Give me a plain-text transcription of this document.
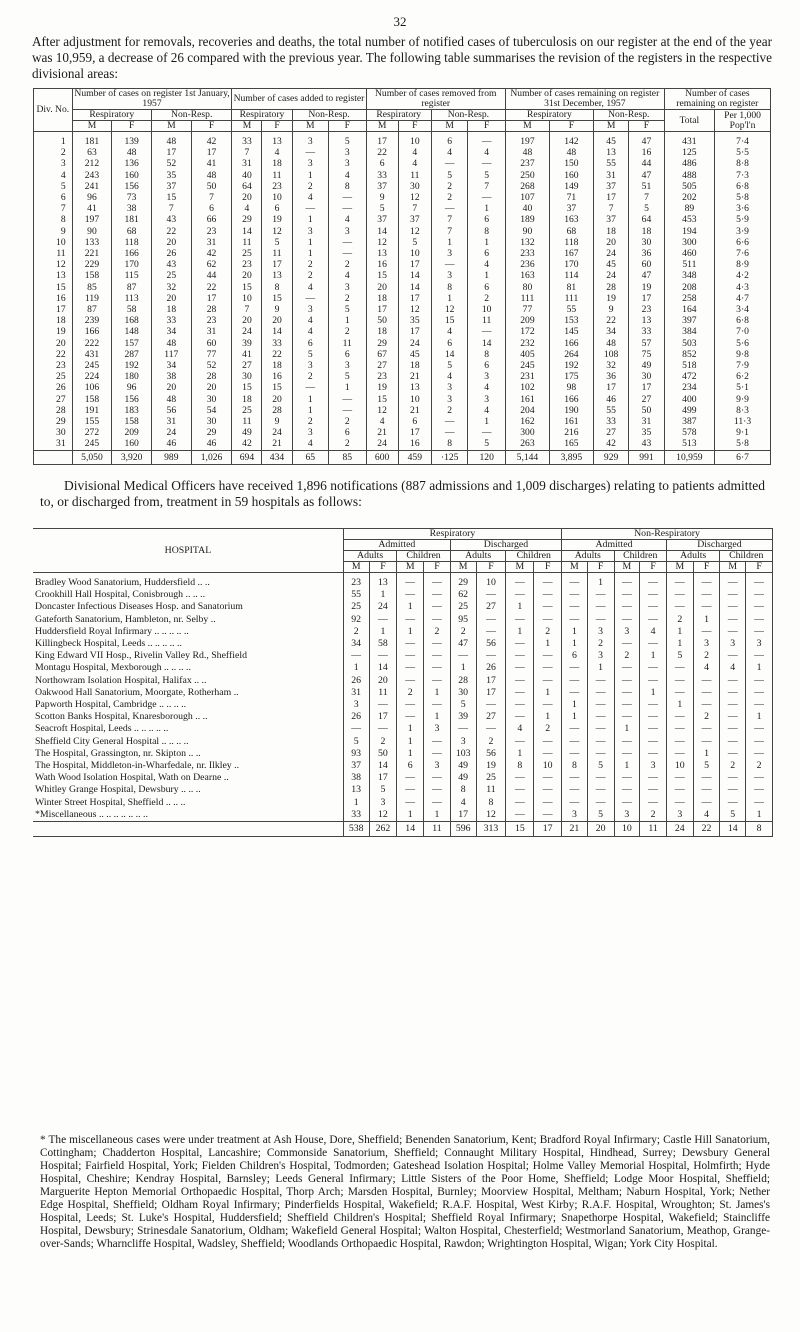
32
After adjustment for removals, recoveries and deaths, the total number of notified cases of tuberculosis on our register at the end of the year was 10,959, a decrease of 26 compared with the previous year. The following table summarises the revision of the registers in the respective divisional areas:
Div. No.	Number of cases on register 1st January, 1957				Number of cases added to register				Number of cases removed from register				Number of cases remaining on register 31st December, 1957				Number of cases remaining on register	
	Respiratory		Non-Resp.		Respiratory		Non-Resp.		Respiratory		Non-Resp.		Respiratory		Non-Resp.		Total	Per 1,000 Pop'l'n
	M	F	M	F	M	F	M	F	M	F	M	F	M	F	M	F		
1	181	139	48	42	33	13	3	5	17	10	6	—	197	142	45	47	431	7·4
2	63	48	17	17	7	4	—	3	22	4	4	4	48	48	13	16	125	5·5
3	212	136	52	41	31	18	3	3	6	4	—	—	237	150	55	44	486	8·8
4	243	160	35	48	40	11	1	4	33	11	5	5	250	160	31	47	488	7·3
5	241	156	37	50	64	23	2	8	37	30	2	7	268	149	37	51	505	6·8
6	96	73	15	7	20	10	4	—	9	12	2	—	107	71	17	7	202	5·8
7	41	38	7	6	4	6	—	—	5	7	—	1	40	37	7	5	89	3·6
8	197	181	43	66	29	19	1	4	37	37	7	6	189	163	37	64	453	5·9
9	90	68	22	23	14	12	3	3	14	12	7	8	90	68	18	18	194	3·9
10	133	118	20	31	11	5	1	—	12	5	1	1	132	118	20	30	300	6·6
11	221	166	26	42	25	11	1	—	13	10	3	6	233	167	24	36	460	7·6
12	229	170	43	62	23	17	2	2	16	17	—	4	236	170	45	60	511	8·9
13	158	115	25	44	20	13	2	4	15	14	3	1	163	114	24	47	348	4·2
15	85	87	32	22	15	8	4	3	20	14	8	6	80	81	28	19	208	4·3
16	119	113	20	17	10	15	—	2	18	17	1	2	111	111	19	17	258	4·7
17	87	58	18	28	7	9	3	5	17	12	12	10	77	55	9	23	164	3·4
18	239	168	33	23	20	20	4	1	50	35	15	11	209	153	22	13	397	6·8
19	166	148	34	31	24	14	4	2	18	17	4	—	172	145	34	33	384	7·0
20	222	157	48	60	39	33	6	11	29	24	6	14	232	166	48	57	503	5·6
22	431	287	117	77	41	22	5	6	67	45	14	8	405	264	108	75	852	9·8
23	245	192	34	52	27	18	3	3	27	18	5	6	245	192	32	49	518	7·9
25	224	180	38	28	30	16	2	5	23	21	4	3	231	175	36	30	472	6·2
26	106	96	20	20	15	15	—	1	19	13	3	4	102	98	17	17	234	5·1
27	158	156	48	30	18	20	1	—	15	10	3	3	161	166	46	27	400	9·9
28	191	183	56	54	25	28	1	—	12	21	2	4	204	190	55	50	499	8·3
29	155	158	31	30	11	9	2	2	4	6	—	1	162	161	33	31	387	11·3
30	272	209	24	29	49	24	3	6	21	17	—	—	300	216	27	35	578	9·1
31	245	160	46	46	42	21	4	2	24	16	8	5	263	165	42	43	513	5·8
	5,050	3,920	989	1,026	694	434	65	85	600	459	·125	120	5,144	3,895	929	991	10,959	6·7
Divisional Medical Officers have received 1,896 notifications (887 admissions and 1,009 discharges) relating to patients admitted to, or discharged from, treatment in 59 hospitals as follows:
HOSPITAL	Respiratory								Non-Respiratory							
	Admitted				Discharged				Admitted				Discharged			
	Adults		Children		Adults		Children		Adults		Children		Adults		Children	
	M	F	M	F	M	F	M	F	M	F	M	F	M	F	M	F
Bradley Wood Sanatorium, Huddersfield .. ..	23	13	—	—	29	10	—	—	—	1	—	—	—	—	—	—
Crookhill Hall Hospital, Conisbrough .. .. ..	55	1	—	—	62	—	—	—	—	—	—	—	—	—	—	—
Doncaster Infectious Diseases Hosp. and Sanatorium	25	24	1	—	25	27	1	—	—	—	—	—	—	—	—	—
Gateforth Sanatorium, Hambleton, nr. Selby ..	92	—	—	—	95	—	—	—	—	—	—	—	2	1	—	—
Huddersfield Royal Infirmary .. .. .. .. ..	2	1	1	2	2	—	1	2	1	3	3	4	1	—	—	—
Killingbeck Hospital, Leeds .. .. .. .. ..	34	58	—	—	47	56	—	1	1	2	—	—	1	3	3	3
King Edward VII Hosp., Rivelin Valley Rd., Sheffield	—	—	—	—	—	—	—	—	6	3	2	1	5	2	—	—
Montagu Hospital, Mexborough .. .. .. ..	1	14	—	—	1	26	—	—	—	1	—	—	—	4	4	1
Northowram Isolation Hospital, Halifax .. ..	26	20	—	—	28	17	—	—	—	—	—	—	—	—	—	—
Oakwood Hall Sanatorium, Moorgate, Rotherham ..	31	11	2	1	30	17	—	1	—	—	—	1	—	—	—	—
Papworth Hospital, Cambridge .. .. .. ..	3	—	—	—	5	—	—	—	1	—	—	—	1	—	—	—
Scotton Banks Hospital, Knaresborough .. ..	26	17	—	1	39	27	—	1	1	—	—	—	—	2	—	1
Seacroft Hospital, Leeds .. .. .. .. ..	—	—	1	3	—	—	4	2	—	—	1	—	—	—	—	—
Sheffield City General Hospital .. .. .. ..	5	2	1	—	3	2	—	—	—	—	—	—	—	—	—	—
The Hospital, Grassington, nr. Skipton .. ..	93	50	1	—	103	56	1	—	—	—	—	—	—	1	—	—
The Hospital, Middleton-in-Wharfedale, nr. Ilkley ..	37	14	6	3	49	19	8	10	8	5	1	3	10	5	2	2
Wath Wood Isolation Hospital, Wath on Dearne ..	38	17	—	—	49	25	—	—	—	—	—	—	—	—	—	—
Whitley Grange Hospital, Dewsbury .. .. ..	13	5	—	—	8	11	—	—	—	—	—	—	—	—	—	—
Winter Street Hospital, Sheffield .. .. ..	1	3	—	—	4	8	—	—	—	—	—	—	—	—	—	—
*Miscellaneous .. .. .. .. .. .. ..	33	12	1	1	17	12	—	—	3	5	3	2	3	4	5	1
	538	262	14	11	596	313	15	17	21	20	10	11	24	22	14	8
* The miscellaneous cases were under treatment at Ash House, Dore, Sheffield; Benenden Sanatorium, Kent; Bradford Royal Infirmary; Castle Hill Sanatorium, Cottingham; Chadderton Hospital, Lancashire; Commonside Sanatorium, Sheffield; Connaught Military Hospital, Hindhead, Surrey; Dewsbury General Hospital; Fairfield Hospital, York; Fielden Children's Hospital, Todmorden; Gateshead Isolation Hospital; Holme Valley Memorial Hospital, Holmfirth; Hyde Hospital, Cheshire; Kendray Hospital, Barnsley; Leeds General Infirmary; Little Sisters of the Poor Home, Sheffield; Lodge Moor Hospital, Sheffield; Marguerite Hepton Memorial Orthopaedic Hospital, Thorp Arch; Marsden Hospital, Burnley; Moorview Hospital, Meltham; Naburn Hospital, York; Nether Edge Hospital, Sheffield; Oldham Royal Infirmary; Pinderfields Hospital, Wakefield; R.A.F. Hospital, West Kirby; R.A.F. Hospital, Wroughton; St. James's Hospital, Leeds; St. Luke's Hospital, Huddersfield; Sheffield Children's Hospital; Sheffield Royal Infirmary; Snapethorpe Hospital, Wakefield; Staincliffe Hospital, Dewsbury; Strinesdale Sanatorium, Oldham; Wakefield General Hospital; Walton Hospital, Chesterfield; Westmorland Sanatorium, Meathop, Grange-over-Sands; Wharncliffe Hospital, Wadsley, Sheffield; Woodlands Orthopaedic Hospital, Rawdon; Wrightington Hospital, Wigan; York City Hospital.
